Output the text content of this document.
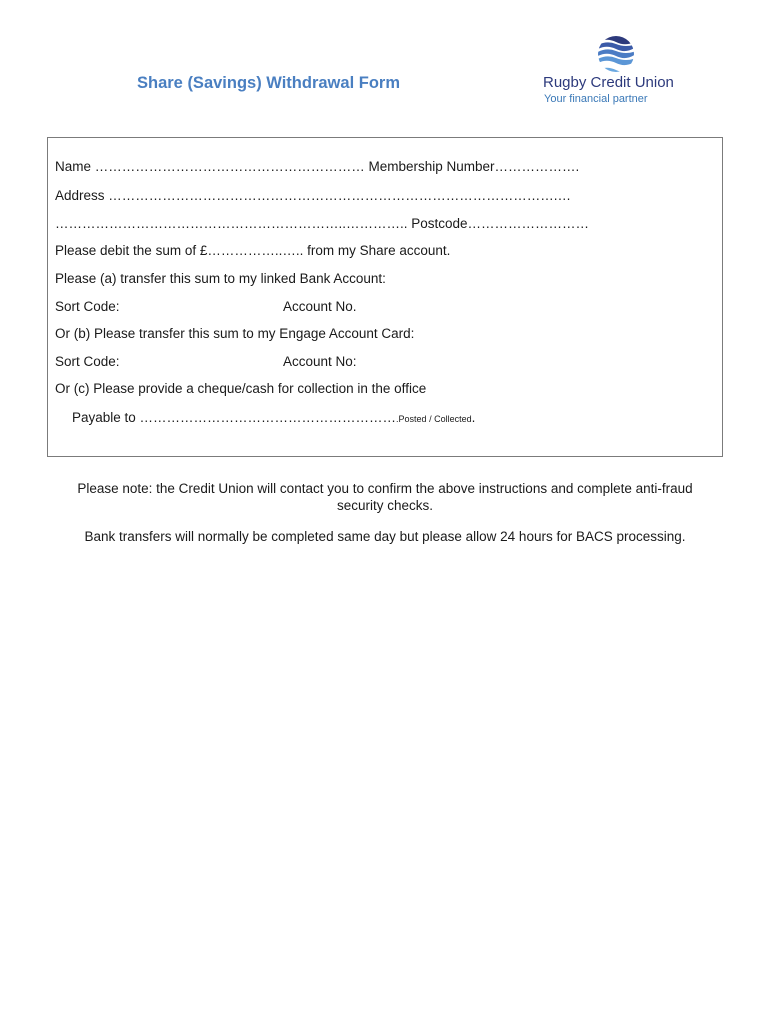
Share (Savings) Withdrawal Form	Rugby Credit Union
Your financial partner
Name …………………………………………………… Membership Number……………….
Address ……………………………………………………………………………………….…
………………………………………………………..………….. Postcode………………………
Please debit the sum of £……………..….. from my Share account.
Please (a) transfer this sum to my linked Bank Account:
Sort Code:	Account No.
Or (b) Please transfer this sum to my Engage Account Card:
Sort Code:	Account No:
Or (c) Please provide a cheque/cash for collection in the office
Payable to ………………………………………………….Posted / Collected.
Please note: the Credit Union will contact you to confirm the above instructions and complete anti-fraud security checks.
Bank transfers will normally be completed same day but please allow 24 hours for BACS processing.
